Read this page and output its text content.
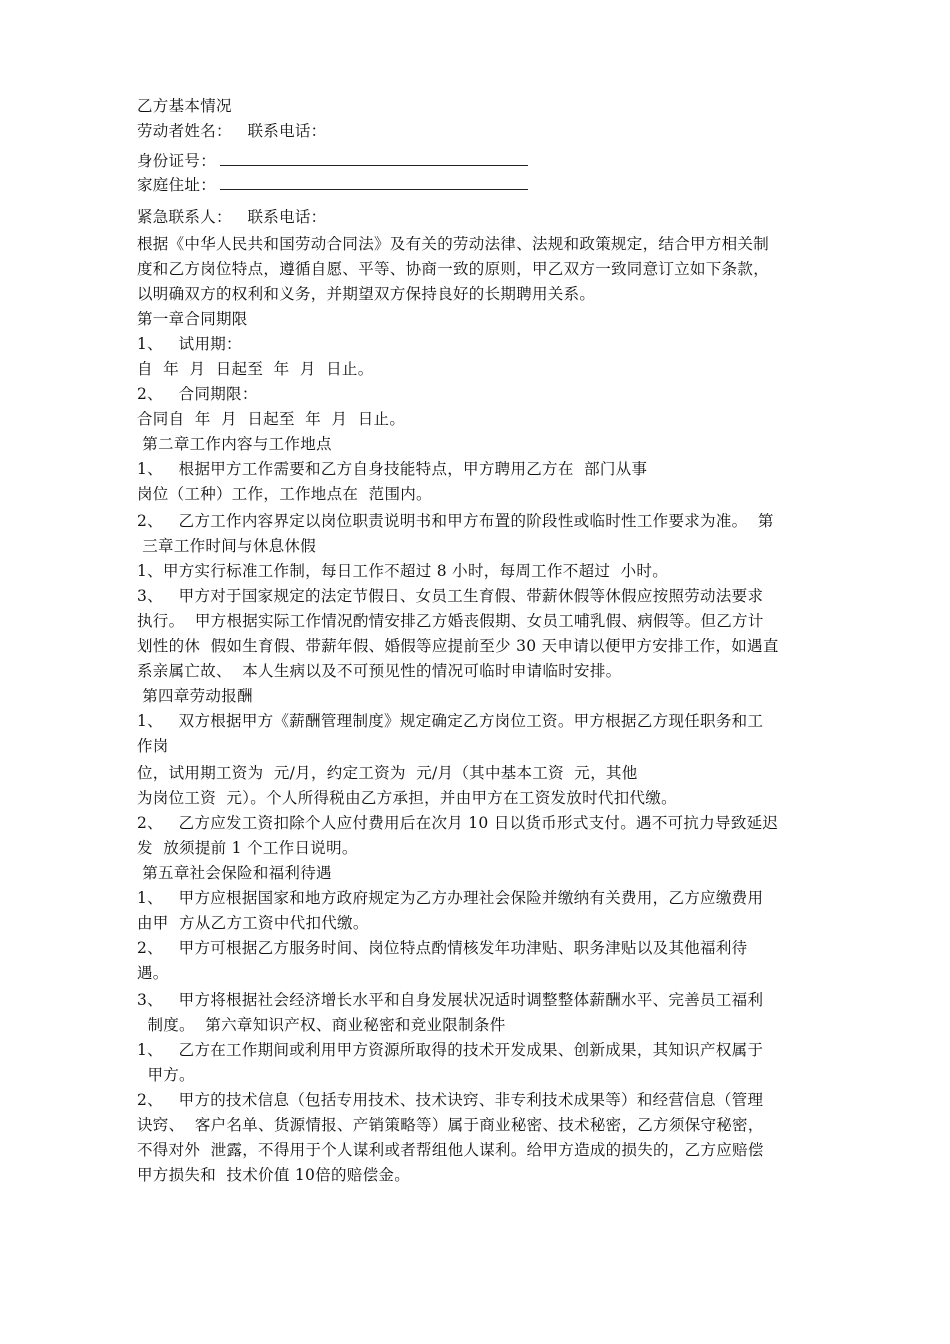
乙方基本情况
劳动者姓名：   联系电话：
身份证号：
家庭住址：
紧急联系人：   联系电话：
根据《中华人民共和国劳动合同法》及有关的劳动法律、法规和政策规定，结合甲方相关制
度和乙方岗位特点，遵循自愿、平等、协商一致的原则，甲乙双方一致同意订立如下条款，
以明确双方的权利和义务，并期望双方保持良好的长期聘用关系。
第一章合同期限
1、   试用期：
自  年  月  日起至  年  月  日止。
2、   合同期限：
合同自  年  月  日起至  年  月  日止。
第二章工作内容与工作地点
1、   根据甲方工作需要和乙方自身技能特点，甲方聘用乙方在  部门从事
岗位（工种）工作，工作地点在  范围内。
2、   乙方工作内容界定以岗位职责说明书和甲方布置的阶段性或临时性工作要求为准。  第
三章工作时间与休息休假
1、甲方实行标准工作制，每日工作不超过 8 小时，每周工作不超过  小时。
3、   甲方对于国家规定的法定节假日、女员工生育假、带薪休假等休假应按照劳动法要求
执行。  甲方根据实际工作情况酌情安排乙方婚丧假期、女员工哺乳假、病假等。但乙方计
划性的休  假如生育假、带薪年假、婚假等应提前至少 30 天申请以便甲方安排工作，如遇直
系亲属亡故、  本人生病以及不可预见性的情况可临时申请临时安排。
第四章劳动报酬
1、   双方根据甲方《薪酬管理制度》规定确定乙方岗位工资。甲方根据乙方现任职务和工
作岗
位，试用期工资为  元/月，约定工资为  元/月（其中基本工资  元，其他
为岗位工资  元）。个人所得税由乙方承担，并由甲方在工资发放时代扣代缴。
2、   乙方应发工资扣除个人应付费用后在次月 10 日以货币形式支付。遇不可抗力导致延迟
发  放须提前 1 个工作日说明。
第五章社会保险和福利待遇
1、   甲方应根据国家和地方政府规定为乙方办理社会保险并缴纳有关费用，乙方应缴费用
由甲  方从乙方工资中代扣代缴。
2、   甲方可根据乙方服务时间、岗位特点酌情核发年功津贴、职务津贴以及其他福利待
遇。
3、   甲方将根据社会经济增长水平和自身发展状况适时调整整体薪酬水平、完善员工福利
制度。  第六章知识产权、商业秘密和竞业限制条件
1、   乙方在工作期间或利用甲方资源所取得的技术开发成果、创新成果，其知识产权属于
甲方。
2、   甲方的技术信息（包括专用技术、技术诀窍、非专利技术成果等）和经营信息（管理
诀窍、  客户名单、货源情报、产销策略等）属于商业秘密、技术秘密，乙方须保守秘密，
不得对外  泄露，不得用于个人谋利或者帮组他人谋利。给甲方造成的损失的，乙方应赔偿
甲方损失和  技术价值 10倍的赔偿金。
